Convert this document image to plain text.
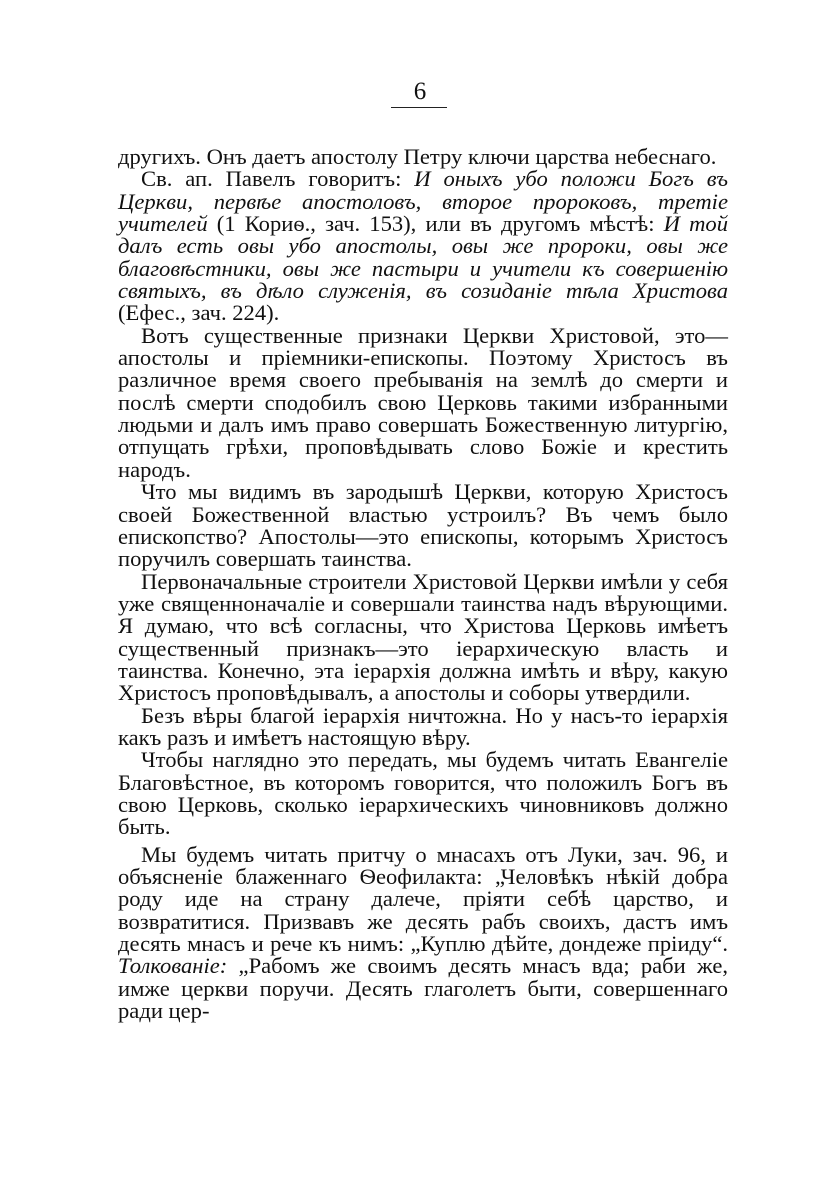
6

другихъ. Онъ даетъ апостолу Петру ключи царства небеснаго.

Св. ап. Павелъ говоритъ: И оныхъ убо положи Богъ въ Церкви, первѣе апостоловъ, второе пророковъ, третіе учителей (1 Кориѳ., зач. 153), или въ другомъ мѣстѣ: И той далъ есть овы убо апостолы, овы же пророки, овы же благовѣстники, овы же пастыри и учители къ совершенію святыхъ, въ дѣло служенія, въ созиданіе тѣла Христова (Ефес., зач. 224).

Вотъ существенные признаки Церкви Христовой, это—апостолы и пріемники-епископы. Поэтому Христосъ въ различное время своего пребыванія на землѣ до смерти и послѣ смерти сподобилъ свою Церковь такими избранными людьми и далъ имъ право совершать Божественную литургію, отпущать грѣхи, проповѣдывать слово Божіе и крестить народъ.

Что мы видимъ въ зародышѣ Церкви, которую Христосъ своей Божественной властью устроилъ? Въ чемъ было епископство? Апостолы—это епископы, которымъ Христосъ поручилъ совершать таинства.

Первоначальные строители Христовой Церкви имѣли у себя уже священноначаліе и совершали таинства надъ вѣрующими. Я думаю, что всѣ согласны, что Христова Церковь имѣетъ существенный признакъ—это іерархическую власть и таинства. Конечно, эта іерархія должна имѣть и вѣру, какую Христосъ проповѣдывалъ, а апостолы и соборы утвердили.

Безъ вѣры благой іерархія ничтожна. Но у насъ-то іерархія какъ разъ и имѣетъ настоящую вѣру.

Чтобы наглядно это передать, мы будемъ читать Евангеліе Благовѣстное, въ которомъ говорится, что положилъ Богъ въ свою Церковь, сколько іерархическихъ чиновниковъ должно быть.

Мы будемъ читать притчу о мнасахъ отъ Луки, зач. 96, и объясненіе блаженнаго Ѳеофилакта: „Человѣкъ нѣкій добра роду иде на страну далече, пріяти себѣ царство, и возвратитися. Призвавъ же десять рабъ своихъ, дастъ имъ десять мнасъ и рече къ нимъ: „Куплю дѣйте, дондеже пріиду“. Толкованіе: „Рабомъ же своимъ десять мнасъ вда; раби же, имже церкви поручи. Десять глаголетъ быти, совершеннаго ради цер-
